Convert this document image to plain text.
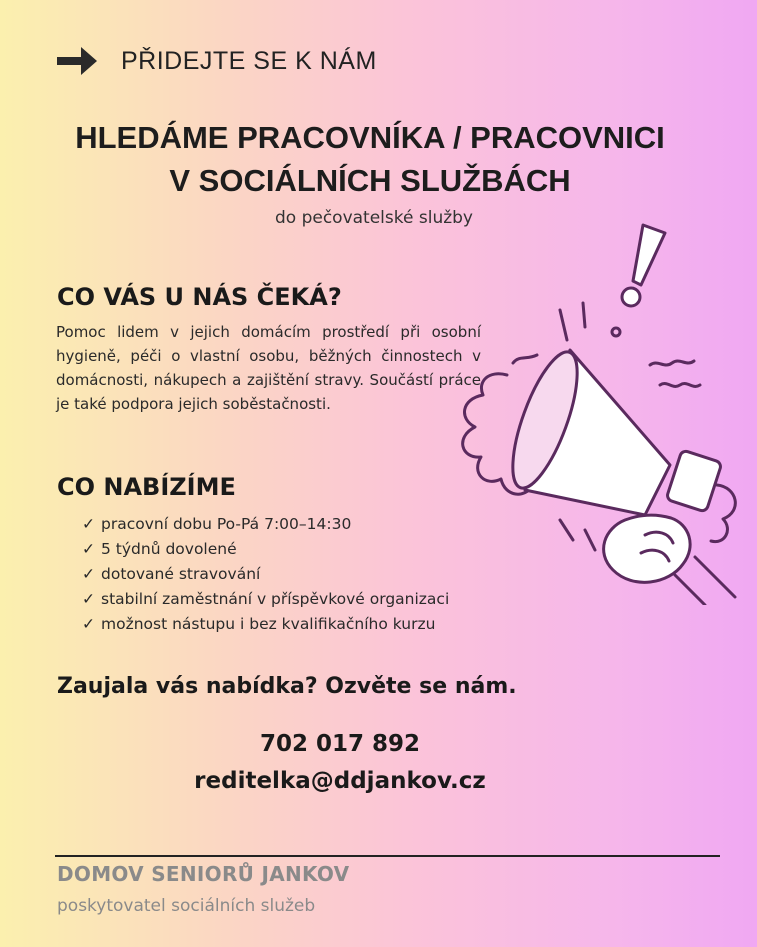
PŘIDEJTE SE K NÁM
HLEDÁME PRACOVNÍKA / PRACOVNICI
V SOCIÁLNÍCH SLUŽBÁCH
do pečovatelské služby
CO VÁS U NÁS ČEKÁ?
Pomoc lidem v jejich domácím prostředí při osobní hygieně, péči o vlastní osobu, běžných činnostech v domácnosti, nákupech a zajištění stravy. Součástí práce je také podpora jejich soběstačnosti.
CO NABÍZÍME
✓ pracovní dobu Po-Pá 7:00–14:30
✓ 5 týdnů dovolené
✓ dotované stravování
✓ stabilní zaměstnání v příspěvkové organizaci
✓ možnost nástupu i bez kvalifikačního kurzu
Zaujala vás nabídka? Ozvěte se nám.
702 017 892
reditelka@ddjankov.cz
DOMOV SENIORŮ JANKOV
poskytovatel sociálních služeb
